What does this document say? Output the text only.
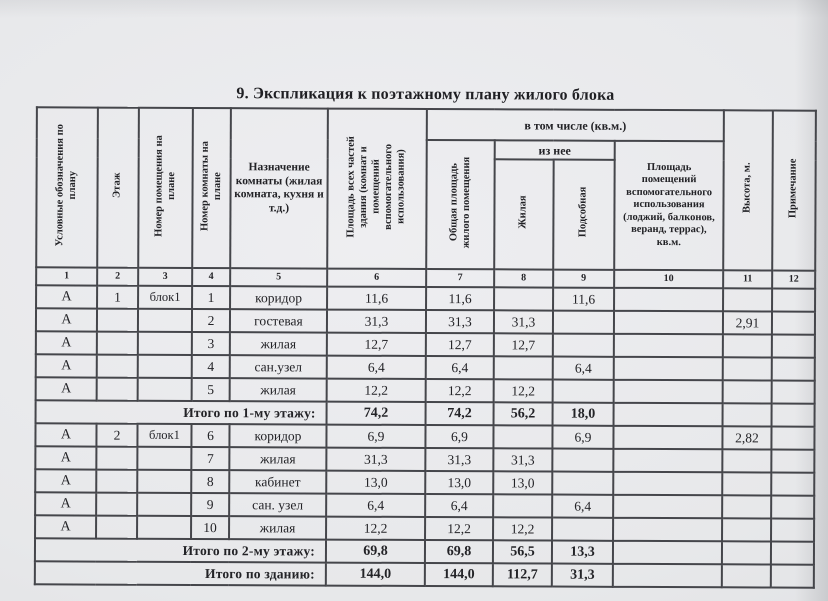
9. Экспликация к поэтажному плану жилого блока
Условные обозначения по плану	Этаж	Номер помещения на плане	Номер комнаты на плане	Назначение комнаты (жилая комната, кухня и т.д.)	Площадь всех частей здания (комнат и помещений вспомогательного использования)	в том числе (кв.м.)				Высота, м.	Примечание
						Общая площадь жилого помещения	из нее		Площадь помещений вспомогательного использования (лоджий, балконов, веранд, террас), кв.м.		
							Жилая	Подсобная			
1	2	3	4	5	6	7	8	9	10	11	12
А	1	блок1	1	коридор	11,6	11,6		11,6			
А			2	гостевая	31,3	31,3	31,3			2,91	
А			3	жилая	12,7	12,7	12,7				
А			4	сан.узел	6,4	6,4		6,4			
А			5	жилая	12,2	12,2	12,2				
Итого по 1-му этажу:					74,2	74,2	56,2	18,0			
А	2	блок1	6	коридор	6,9	6,9		6,9		2,82	
А			7	жилая	31,3	31,3	31,3				
А			8	кабинет	13,0	13,0	13,0				
А			9	сан. узел	6,4	6,4		6,4			
А			10	жилая	12,2	12,2	12,2				
Итого по 2-му этажу:					69,8	69,8	56,5	13,3			
Итого по зданию:					144,0	144,0	112,7	31,3			
